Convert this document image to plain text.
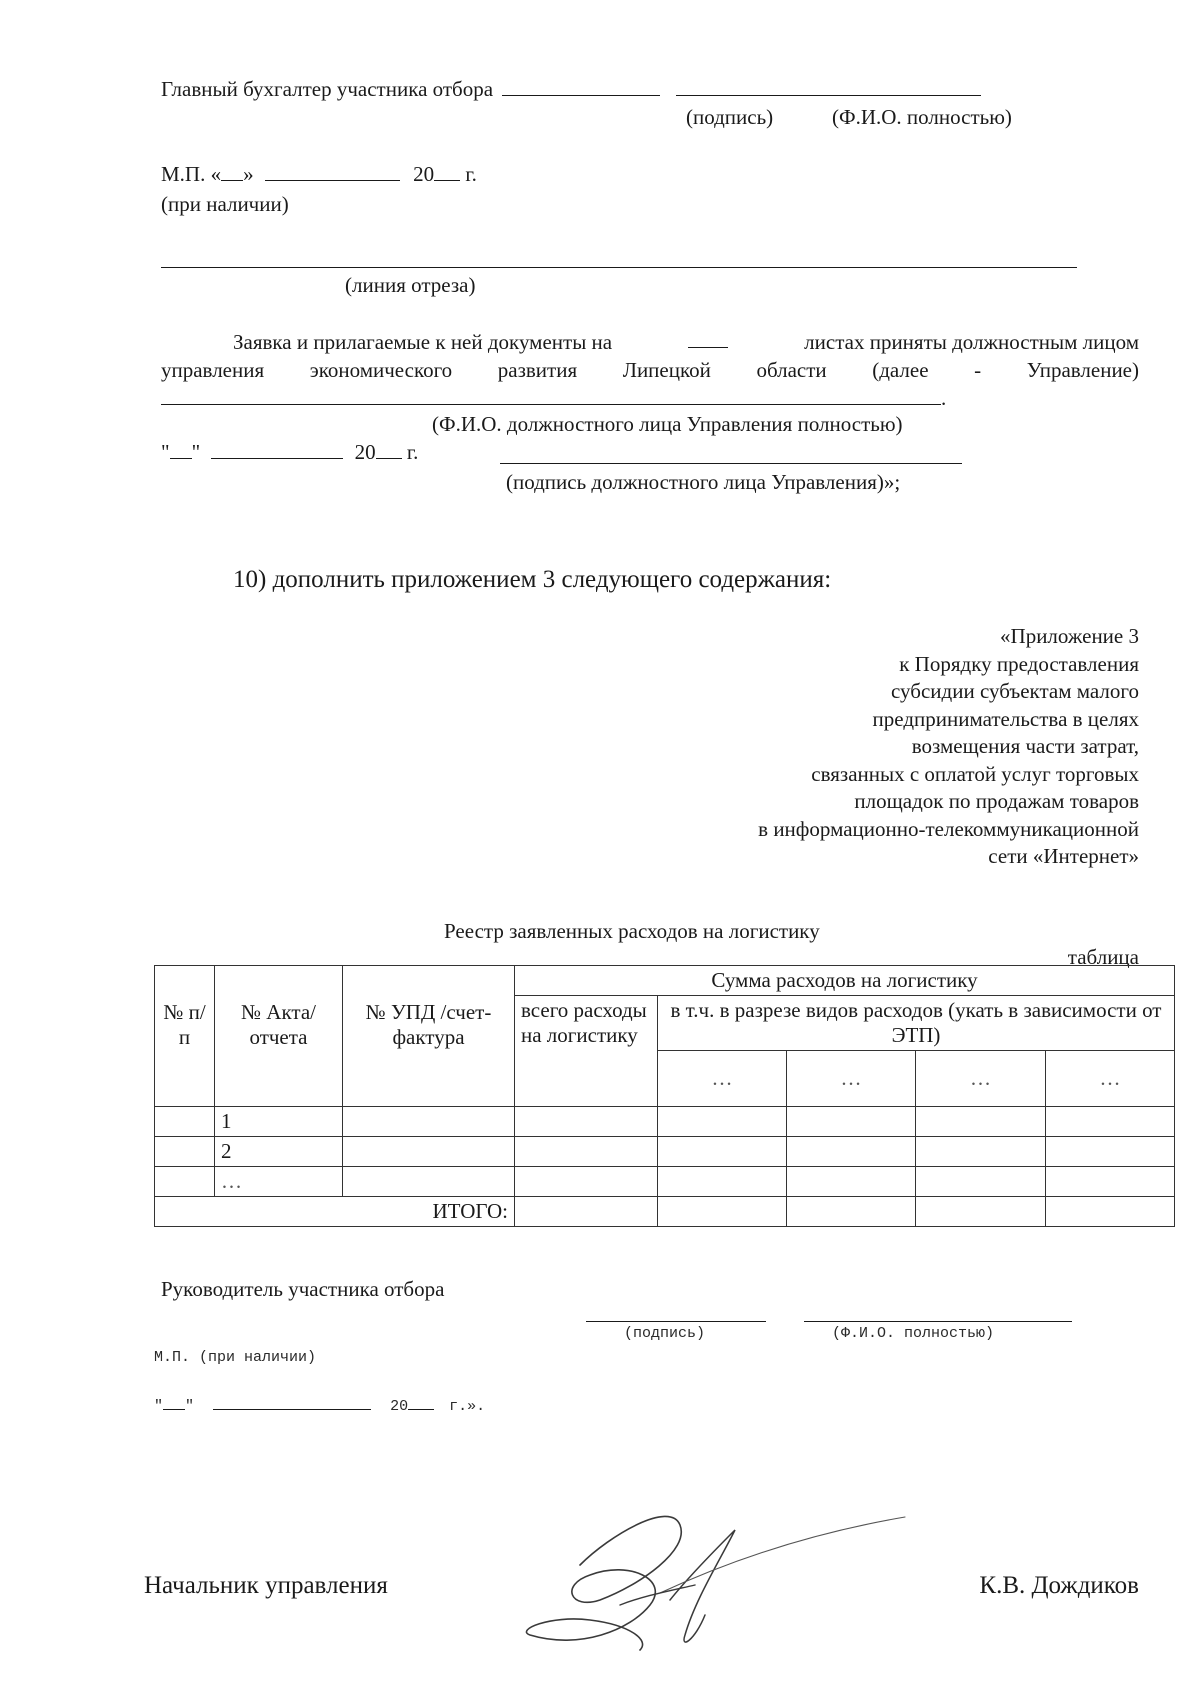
Главный бухгалтер участника отбора
(подпись)	(Ф.И.О. полностью)
М.П. « »	20 г.
(при наличии)
(линия отреза)
Заявка и прилагаемые к ней документы на	листах приняты должностным лицом
управления экономического развития Липецкой области (далее - Управление)
.
(Ф.И.О. должностного лица Управления полностью)
" "	20 г.
(подпись должностного лица Управления)»;
10) дополнить приложением 3 следующего содержания:
«Приложение 3
к Порядку предоставления
субсидии субъектам малого
предпринимательства в целях
возмещения части затрат,
связанных с оплатой услуг торговых
площадок по продажам товаров
в информационно-телекоммуникационной
сети «Интернет»
Реестр заявленных расходов на логистику
таблица
№ п/п	№ Акта/ отчета	№ УПД /счет-фактура	Сумма расходов на логистику				
			всего расходы на логистику	в т.ч. в разрезе видов расходов (укать в зависимости от ЭТП)			
				…	…	…	…
	1						
	2						
	…						
ИТОГО:							
Руководитель участника отбора
(подпись)	(Ф.И.О. полностью)
М.П. (при наличии)
" "	20	г.».
Начальник управления	К.В. Дождиков
